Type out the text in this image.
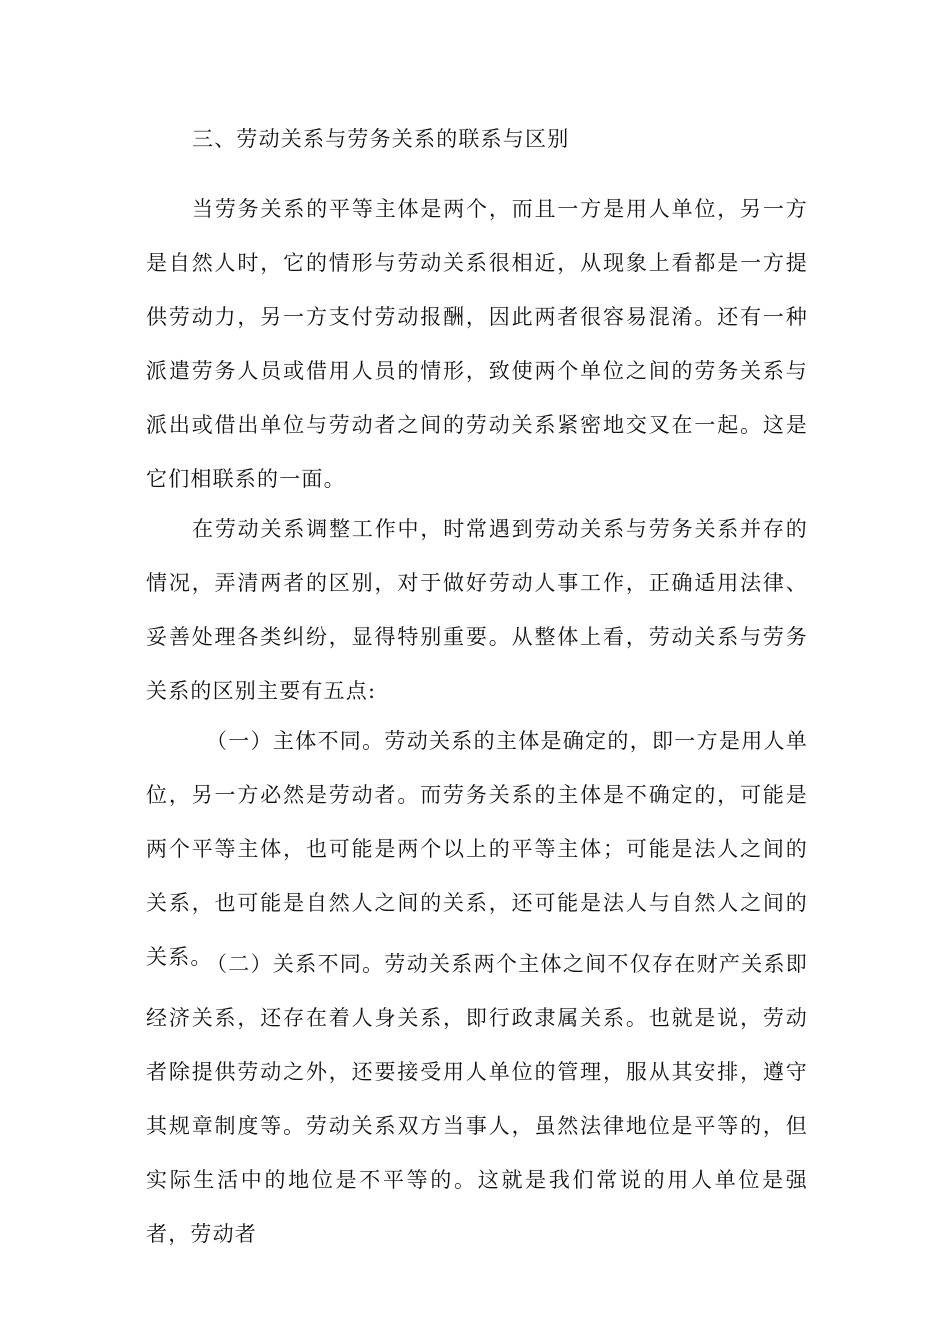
三、劳动关系与劳务关系的联系与区别

当劳务关系的平等主体是两个，而且一方是用人单位，另一方是自然人时，它的情形与劳动关系很相近，从现象上看都是一方提供劳动力，另一方支付劳动报酬，因此两者很容易混淆。还有一种派遣劳务人员或借用人员的情形，致使两个单位之间的劳务关系与派出或借出单位与劳动者之间的劳动关系紧密地交叉在一起。这是它们相联系的一面。

在劳动关系调整工作中，时常遇到劳动关系与劳务关系并存的情况，弄清两者的区别，对于做好劳动人事工作，正确适用法律、妥善处理各类纠纷，显得特别重要。从整体上看，劳动关系与劳务关系的区别主要有五点:

（一）主体不同。劳动关系的主体是确定的，即一方是用人单位，另一方必然是劳动者。而劳务关系的主体是不确定的，可能是两个平等主体，也可能是两个以上的平等主体；可能是法人之间的关系，也可能是自然人之间的关系，还可能是法人与自然人之间的关系。

（二）关系不同。劳动关系两个主体之间不仅存在财产关系即经济关系，还存在着人身关系，即行政隶属关系。也就是说，劳动者除提供劳动之外，还要接受用人单位的管理，服从其安排，遵守其规章制度等。劳动关系双方当事人，虽然法律地位是平等的，但实际生活中的地位是不平等的。这就是我们常说的用人单位是强者，劳动者
